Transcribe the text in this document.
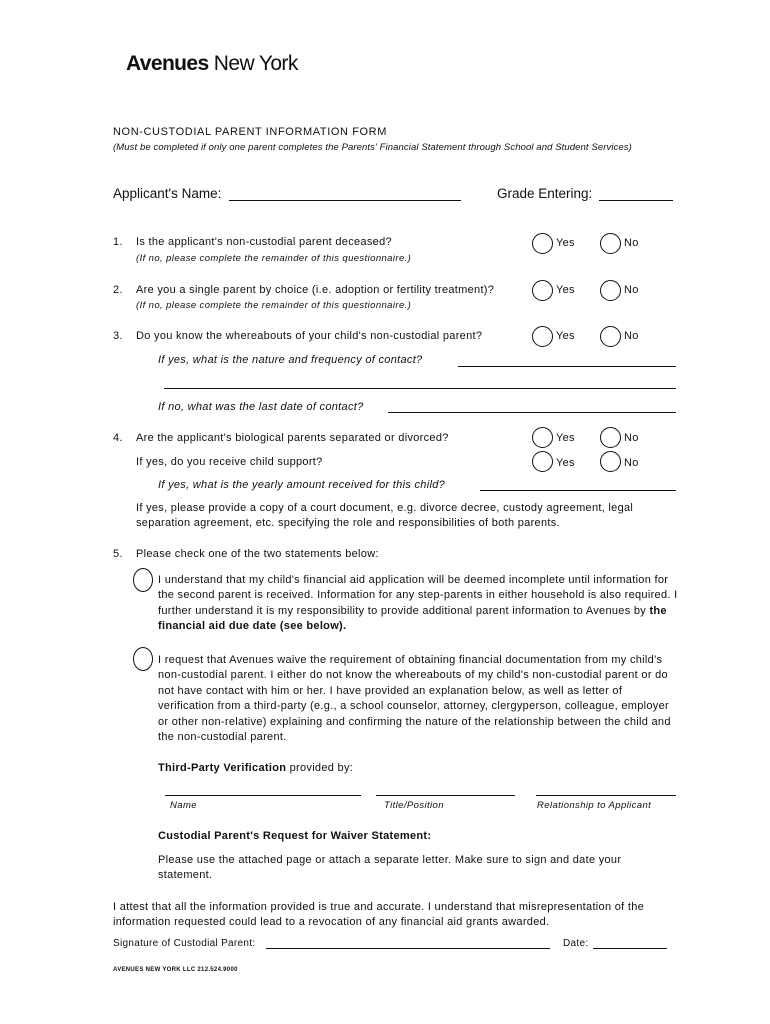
Avenues New York
NON-CUSTODIAL PARENT INFORMATION FORM
(Must be completed if only one parent completes the Parents' Financial Statement through School and Student Services)
Applicant's Name:	Grade Entering:
1. Is the applicant's non-custodial parent deceased?
(If no, please complete the remainder of this questionnaire.)
Yes	No
2. Are you a single parent by choice (i.e. adoption or fertility treatment)?
(If no, please complete the remainder of this questionnaire.)
Yes	No
3. Do you know the whereabouts of your child's non-custodial parent?	Yes	No
If yes, what is the nature and frequency of contact?
If no, what was the last date of contact?
4. Are the applicant's biological parents separated or divorced?	Yes	No
If yes, do you receive child support?	Yes	No
If yes, what is the yearly amount received for this child?
If yes, please provide a copy of a court document, e.g. divorce decree, custody agreement, legal separation agreement, etc. specifying the role and responsibilities of both parents.
5. Please check one of the two statements below:
I understand that my child's financial aid application will be deemed incomplete until information for the second parent is received. Information for any step-parents in either household is also required. I further understand it is my responsibility to provide additional parent information to Avenues by the financial aid due date (see below).
I request that Avenues waive the requirement of obtaining financial documentation from my child's non-custodial parent. I either do not know the whereabouts of my child's non-custodial parent or do not have contact with him or her. I have provided an explanation below, as well as letter of verification from a third-party (e.g., a school counselor, attorney, clergyperson, colleague, employer or other non-relative) explaining and confirming the nature of the relationship between the child and the non-custodial parent.
Third-Party Verification provided by:
Name	Title/Position	Relationship to Applicant
Custodial Parent's Request for Waiver Statement:
Please use the attached page or attach a separate letter. Make sure to sign and date your statement.
I attest that all the information provided is true and accurate. I understand that misrepresentation of the information requested could lead to a revocation of any financial aid grants awarded.
Signature of Custodial Parent:	Date:
AVENUES NEW YORK LLC 212.524.9000
